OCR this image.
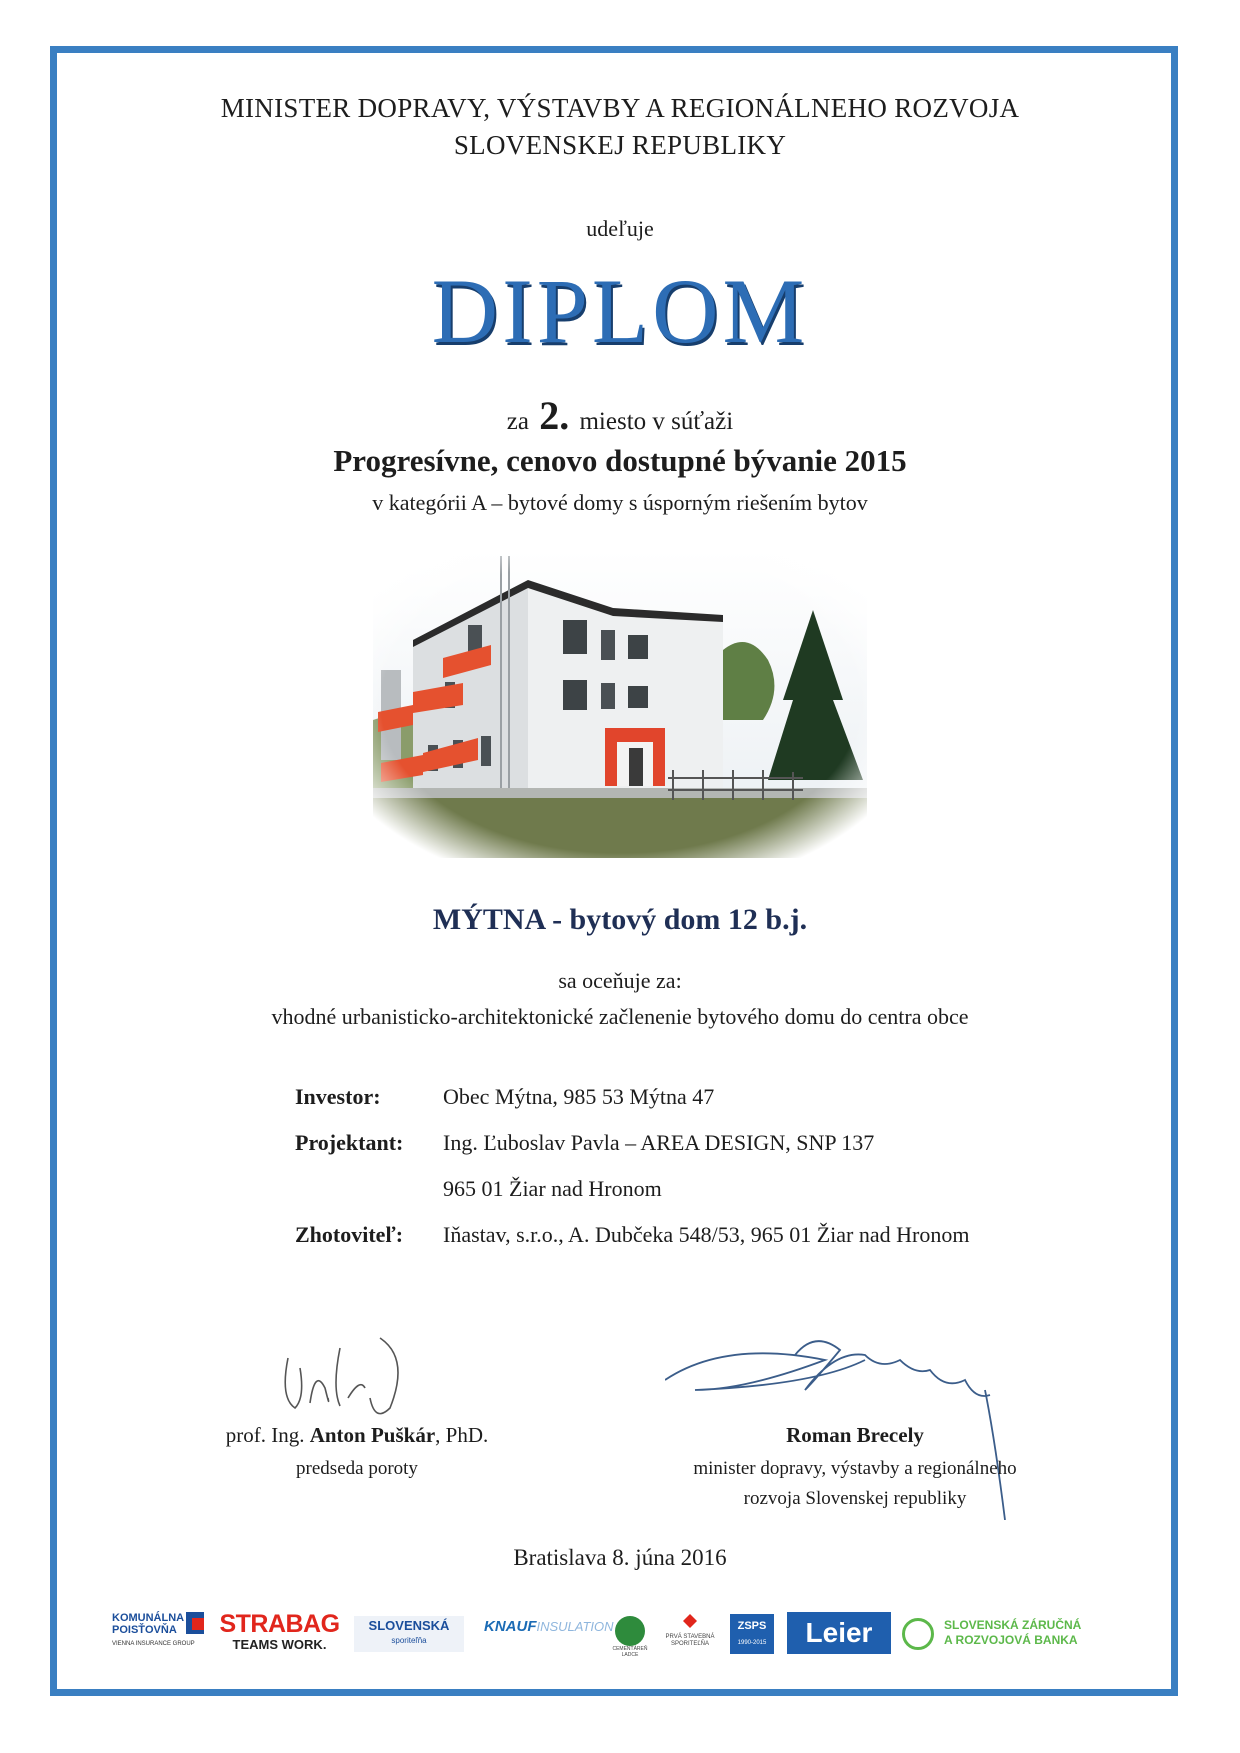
MINISTER DOPRAVY, VÝSTAVBY A REGIONÁLNEHO ROZVOJA
SLOVENSKEJ REPUBLIKY
udeľuje
DIPLOM
za 2. miesto v súťaži
Progresívne, cenovo dostupné bývanie 2015
v kategórii A – bytové domy s úsporným riešením bytov
MÝTNA - bytový dom 12 b.j.
sa oceňuje za:
vhodné urbanisticko-architektonické začlenenie bytového domu do centra obce
Investor:	Obec Mýtna, 985 53 Mýtna 47
Projektant: Ing. Ľuboslav Pavla – AREA DESIGN, SNP 137
965 01 Žiar nad Hronom
Zhotoviteľ: Iňastav, s.r.o., A. Dubčeka 548/53, 965 01 Žiar nad Hronom
prof. Ing. Anton Puškár, PhD.
predseda poroty
Roman Brecely
minister dopravy, výstavby a regionálneho
rozvoja Slovenskej republiky
Bratislava 8. júna 2016
KOMUNÁLNA
POISŤOVŇA
VIENNA INSURANCE GROUP
STRABAG
TEAMS WORK.
SLOVENSKÁ
sporiteľňa
KNAUFINSULATION
CEMENTÁREŇ LADCE
PRVÁ STAVEBNÁ SPORITEĽŇA
ZSPS
1990-2015	Leier	SLOVENSKÁ ZÁRUČNÁ
A ROZVOJOVÁ BANKA
